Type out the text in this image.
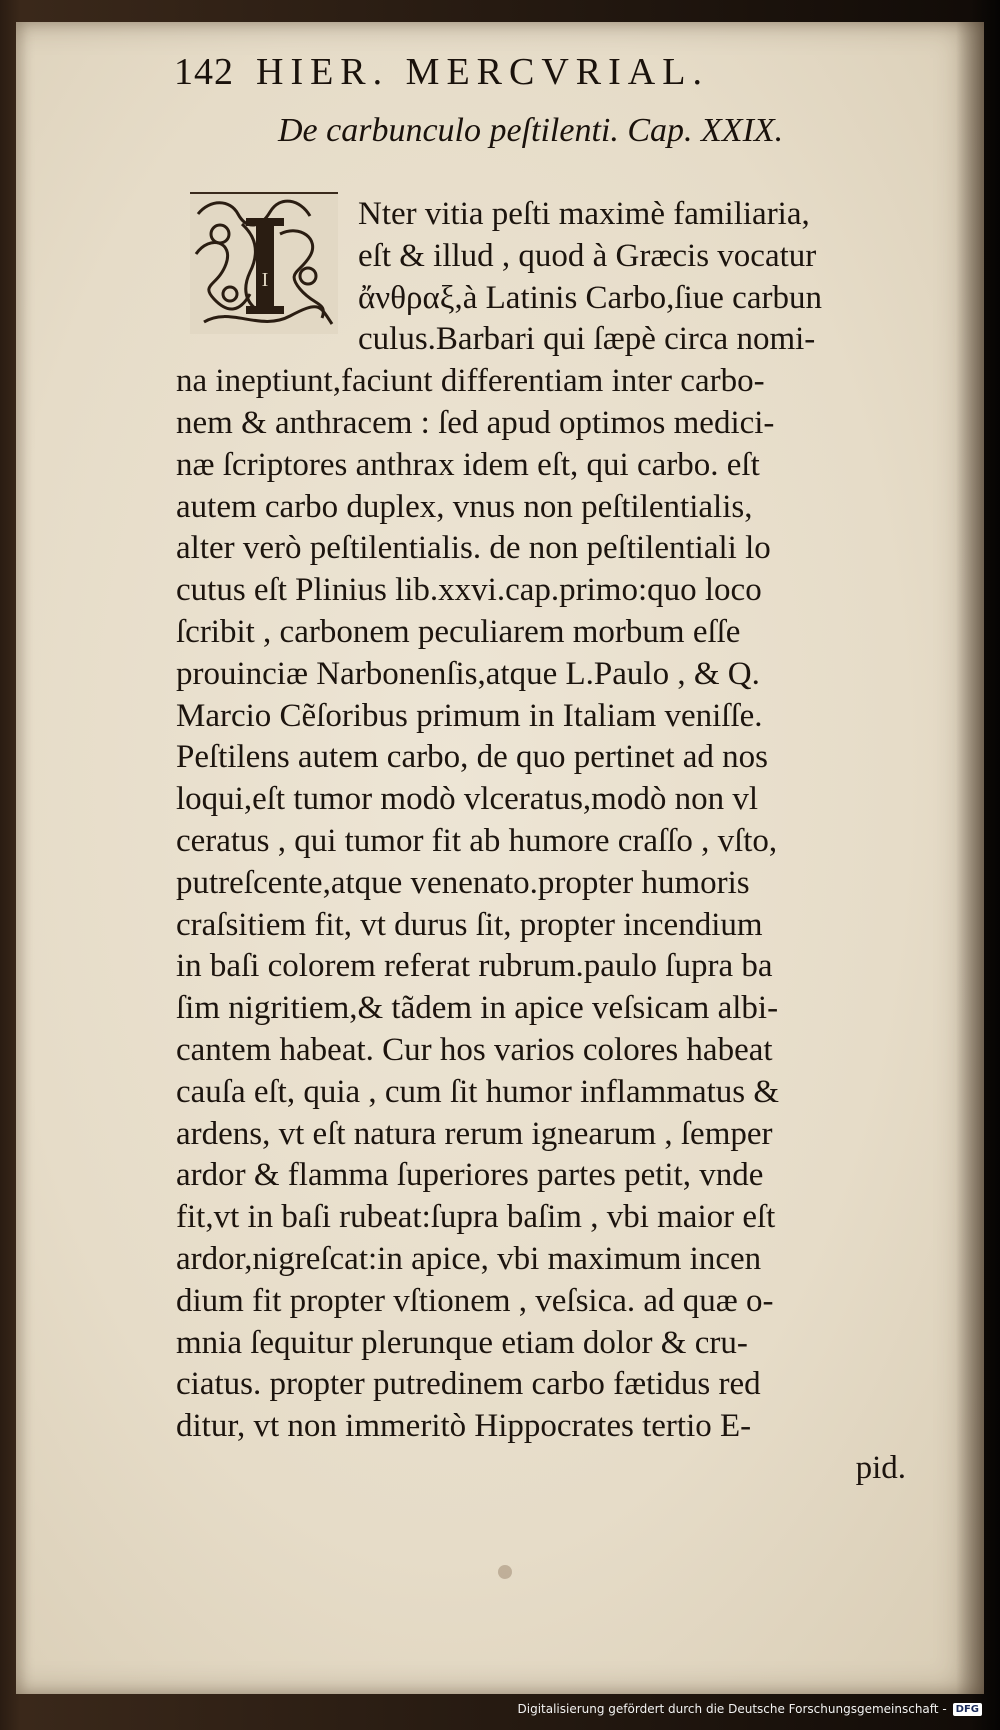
142 HIER. MERCVRIAL.
De carbunculo peſtilenti. Cap. XXIX.
I
Nter vitia peſti maximè familiaria,
eſt & illud , quod à Græcis vocatur
ἄνθραξ,à Latinis Carbo,ſiue carbun
culus.Barbari qui ſæpè circa nomi-
na ineptiunt,faciunt differentiam inter carbo-
nem & anthracem : ſed apud optimos medici-
næ ſcriptores anthrax idem eſt, qui carbo. eſt
autem carbo duplex, vnus non peſtilentialis,
alter verò peſtilentialis. de non peſtilentiali lo
cutus eſt Plinius lib.xxvi.cap.primo:quo loco
ſcribit , carbonem peculiarem morbum eſſe
prouinciæ Narbonenſis,atque L.Paulo , & Q.
Marcio Cẽſoribus primum in Italiam veniſſe.
Peſtilens autem carbo, de quo pertinet ad nos
loqui,eſt tumor modò vlceratus,modò non vl
ceratus , qui tumor fit ab humore craſſo , vſto,
putreſcente,atque venenato.propter humoris
craſsitiem fit, vt durus ſit, propter incendium
in baſi colorem referat rubrum.paulo ſupra ba
ſim nigritiem,& tãdem in apice veſsicam albi-
cantem habeat. Cur hos varios colores habeat
cauſa eſt, quia , cum ſit humor inflammatus &
ardens, vt eſt natura rerum ignearum , ſemper
ardor & flamma ſuperiores partes petit, vnde
fit,vt in baſi rubeat:ſupra baſim , vbi maior eſt
ardor,nigreſcat:in apice, vbi maximum incen
dium fit propter vſtionem , veſsica. ad quæ o-
mnia ſequitur plerunque etiam dolor & cru-
ciatus. propter putredinem carbo fætidus red
ditur, vt non immeritò Hippocrates tertio E-
pid.
Digitalisierung gefördert durch die Deutsche Forschungsgemeinschaft - DFG
